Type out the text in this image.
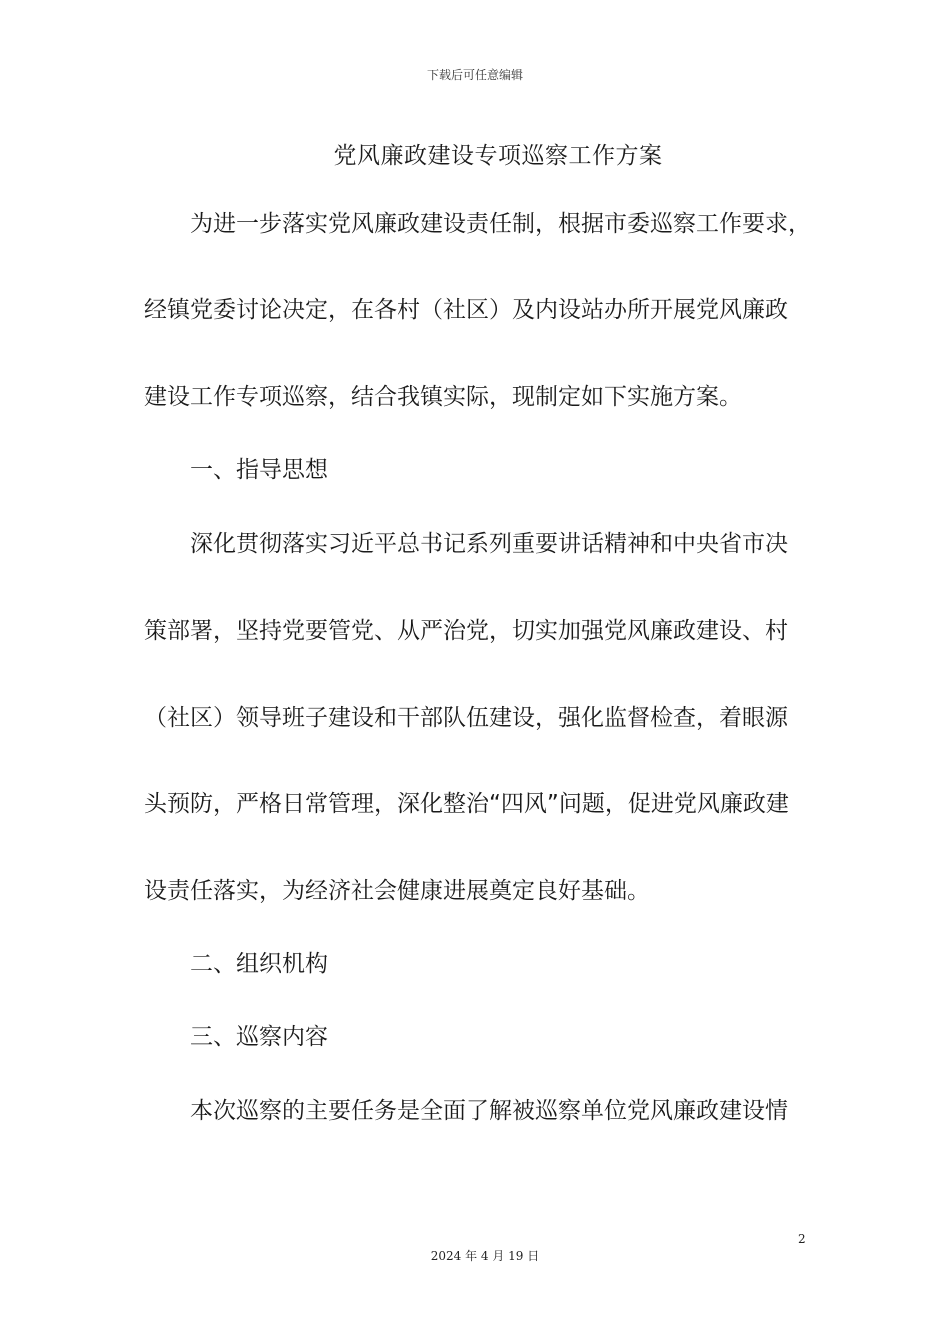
下载后可任意编辑
党风廉政建设专项巡察工作方案
为进一步落实党风廉政建设责任制，根据市委巡察工作要求，
经镇党委讨论决定，在各村（社区）及内设站办所开展党风廉政
建设工作专项巡察，结合我镇实际，现制定如下实施方案。
一、指导思想
深化贯彻落实习近平总书记系列重要讲话精神和中央省市决
策部署，坚持党要管党、从严治党，切实加强党风廉政建设、村
（社区）领导班子建设和干部队伍建设，强化监督检查，着眼源
头预防，严格日常管理，深化整治“四风”问题，促进党风廉政建
设责任落实，为经济社会健康进展奠定良好基础。
二、组织机构
三、巡察内容
本次巡察的主要任务是全面了解被巡察单位党风廉政建设情
2
2024 年 4 月 19 日
